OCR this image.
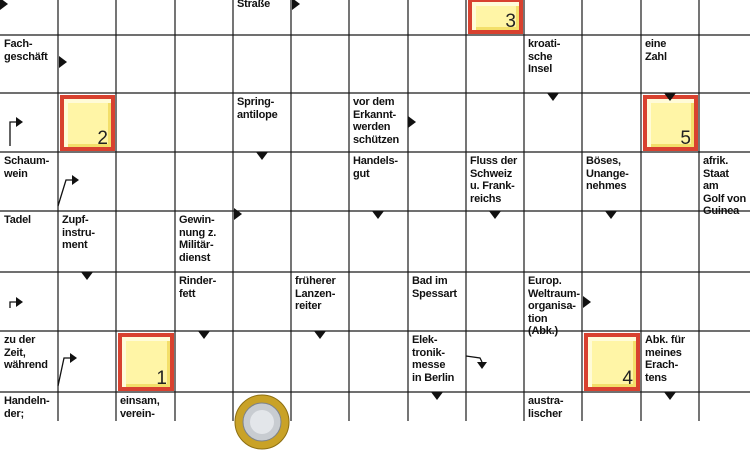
Straße
Fach-
geschäft
kroati-
sche
Insel
eine
Zahl
Spring-
antilope
vor dem
Erkannt-
werden
schützen
Schaum-
wein
Handels-
gut
Fluss der
Schweiz
u. Frank-
reichs
Böses,
Unange-
nehmes
afrik.
Staat am
Golf von
Guinea
Tadel	Zupf-
instru-
ment
Gewin-
nung z.
Militär-
dienst
Rinder-
fett
früherer
Lanzen-
reiter
Bad im
Spessart
Europ.
Weltraum-
organisa-
tion (Abk.)
zu der
Zeit,
während
Elek-
tronik-
messe
in Berlin
Abk. für
meines
Erach-
tens
Handeln-
der;
einsam,
verein-
austra-
lischer
3
2	5
1	4
